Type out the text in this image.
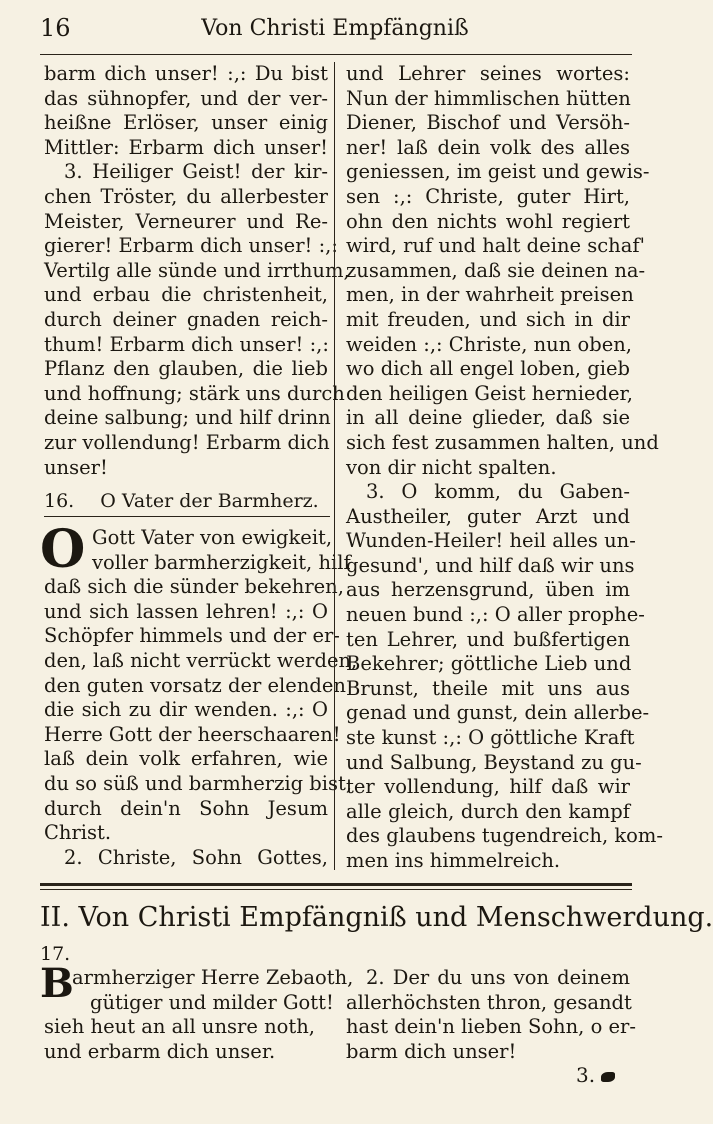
16	Von Christi Empfängniß

barm dich unser! :,: Du bist
das sühnopfer, und der ver-
heißne Erlöser, unser einig
Mittler: Erbarm dich unser!
3. Heiliger Geist! der kir-
chen Tröster, du allerbester
Meister, Verneurer und Re-
gierer! Erbarm dich unser! :,:
Vertilg alle sünde und irrthum,
und erbau die christenheit,
durch deiner gnaden reich-
thum! Erbarm dich unser! :,:
Pflanz den glauben, die lieb
und hoffnung; stärk uns durch
deine salbung; und hilf drinn
zur vollendung! Erbarm dich
unser!

16. O Vater der Barmherz.
O Gott Vater von ewigkeit,
voller barmherzigkeit, hilf
daß sich die sünder bekehren,
und sich lassen lehren! :,: O
Schöpfer himmels und der er-
den, laß nicht verrückt werden,
den guten vorsatz der elenden
die sich zu dir wenden. :,: O
Herre Gott der heerschaaren!
laß dein volk erfahren, wie
du so süß und barmherzig bist,
durch dein'n Sohn Jesum
Christ.
2. Christe, Sohn Gottes,

und Lehrer seines wortes:
Nun der himmlischen hütten
Diener, Bischof und Versöh-
ner! laß dein volk des alles
geniessen, im geist und gewis-
sen :,: Christe, guter Hirt,
ohn den nichts wohl regiert
wird, ruf und halt deine schaf'
zusammen, daß sie deinen na-
men, in der wahrheit preisen
mit freuden, und sich in dir
weiden :,: Christe, nun oben,
wo dich all engel loben, gieb
den heiligen Geist hernieder,
in all deine glieder, daß sie
sich fest zusammen halten, und
von dir nicht spalten.
3. O komm, du Gaben-
Austheiler, guter Arzt und
Wunden-Heiler! heil alles un-
gesund', und hilf daß wir uns
aus herzensgrund, üben im
neuen bund :,: O aller prophe-
ten Lehrer, und bußfertigen
Bekehrer; göttliche Lieb und
Brunst, theile mit uns aus
genad und gunst, dein allerbe-
ste kunst :,: O göttliche Kraft
und Salbung, Beystand zu gu-
ter vollendung, hilf daß wir
alle gleich, durch den kampf
des glaubens tugendreich, kom-
men ins himmelreich.

II. Von Christi Empfängniß und Menschwerdung.
17.
B

armherziger Herre Zebaoth,
gütiger und milder Gott!
sieh heut an all unsre noth,
und erbarm dich unser.

2. Der du uns von deinem
allerhöchsten thron, gesandt
hast dein'n lieben Sohn, o er-
barm dich unser!

3.
